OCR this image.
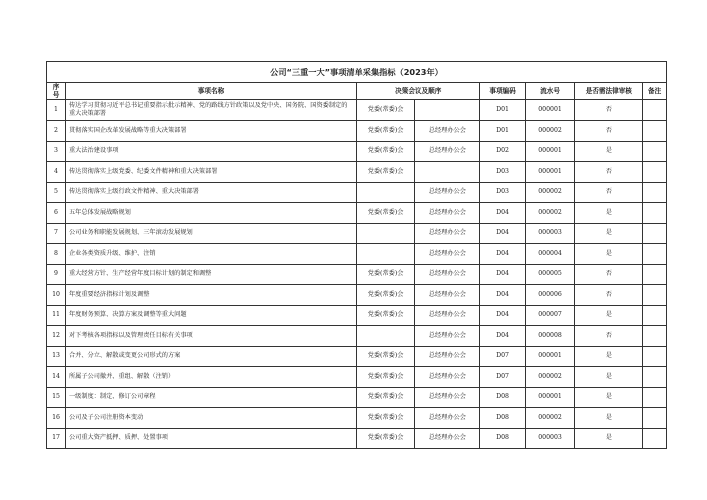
公司“三重一大”事项清单采集指标（2023年）							
序号	事项名称	决策会议及顺序		事项编码	流水号	是否需法律审核	备注
1	传达学习贯彻习近平总书记重要指示批示精神、党的路线方针政策以及党中央、国务院、国资委制定的重大决策部署	党委(常委)会		D01	000001	否	
2	贯彻落实国企改革发展战略等重大决策部署	党委(常委)会	总经理办公会	D01	000002	否	
3	重大法治建设事项	党委(常委)会	总经理办公会	D02	000001	是	
4	传达贯彻落实上级党委、纪委文件精神和重大决策部署	党委(常委)会		D03	000001	否	
5	传达贯彻落实上级行政文件精神、重大决策部署		总经理办公会	D03	000002	否	
6	五年总体发展战略规划	党委(常委)会	总经理办公会	D04	000002	是	
7	公司业务和职能发展规划、三年滚动发展规划		总经理办公会	D04	000003	是	
8	企业各类资质升级、维护、注销		总经理办公会	D04	000004	是	
9	重大经营方针、生产经营年度目标计划的制定和调整	党委(常委)会	总经理办公会	D04	000005	否	
10	年度重要经济指标计划及调整	党委(常委)会	总经理办公会	D04	000006	否	
11	年度财务预算、决算方案及调整等重大问题	党委(常委)会	总经理办公会	D04	000007	是	
12	对下考核各项指标以及管理责任目标有关事项		总经理办公会	D04	000008	否	
13	合并、分立、解散或变更公司形式的方案	党委(常委)会	总经理办公会	D07	000001	是	
14	所属子公司撤并、重组、解散（注销）	党委(常委)会	总经理办公会	D07	000002	是	
15	一级制度：制定、修订公司章程	党委(常委)会	总经理办公会	D08	000001	是	
16	公司及子公司注册资本变动	党委(常委)会	总经理办公会	D08	000002	是	
17	公司重大资产抵押、质押、处置事项	党委(常委)会	总经理办公会	D08	000003	是	
